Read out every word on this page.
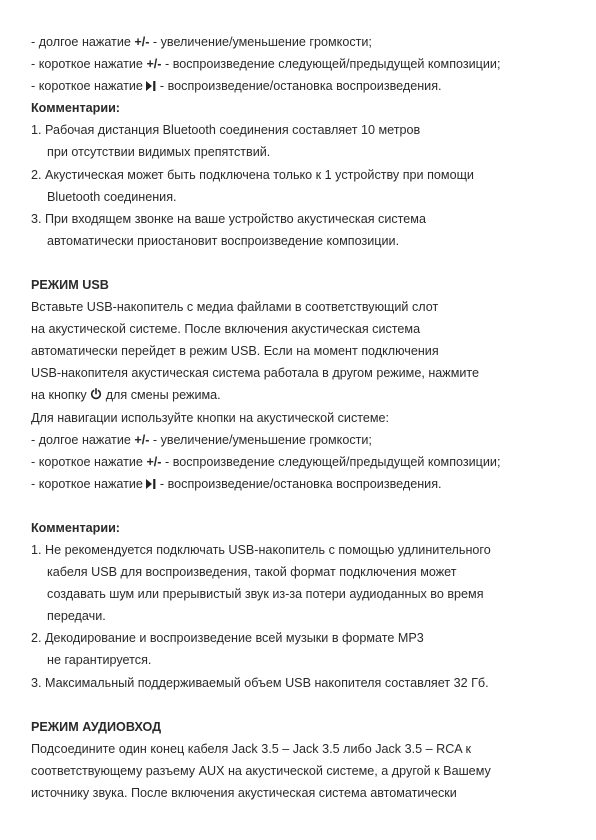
- долгое нажатие +/- - увеличение/уменьшение громкости;
- короткое нажатие +/- - воспроизведение следующей/предыдущей композиции;
- короткое нажатие  - воспроизведение/остановка воспроизведения.
Комментарии:
1. Рабочая дистанция Bluetooth соединения составляет 10 метров
при отсутствии видимых препятствий.
2. Акустическая может быть подключена только к 1 устройству при помощи
Bluetooth соединения.
3. При входящем звонке на ваше устройство акустическая система
автоматически приостановит воспроизведение композиции.
РЕЖИМ USB
Вставьте USB-накопитель с медиа файлами в соответствующий слот
на акустической системе. После включения акустическая система
автоматически перейдет в режим USB. Если на момент подключения
USB-накопителя акустическая система работала в другом режиме, нажмите
на кнопку  для смены режима.
Для навигации используйте кнопки на акустической системе:
- долгое нажатие +/- - увеличение/уменьшение громкости;
- короткое нажатие +/- - воспроизведение следующей/предыдущей композиции;
- короткое нажатие  - воспроизведение/остановка воспроизведения.
Комментарии:
1. Не рекомендуется подключать USB-накопитель с помощью удлинительного
кабеля USB для воспроизведения, такой формат подключения может
создавать шум или прерывистый звук из-за потери аудиоданных во время
передачи.
2. Декодирование и воспроизведение всей музыки в формате MP3
не гарантируется.
3. Максимальный поддерживаемый объем USB накопителя составляет 32 Гб.
РЕЖИМ АУДИОВХОД
Подсоедините один конец кабеля Jack 3.5 – Jack 3.5 либо Jack 3.5 – RCA к
соответствующему разъему AUX на акустической системе, а другой к Вашему
источнику звука. После включения акустическая система автоматически
